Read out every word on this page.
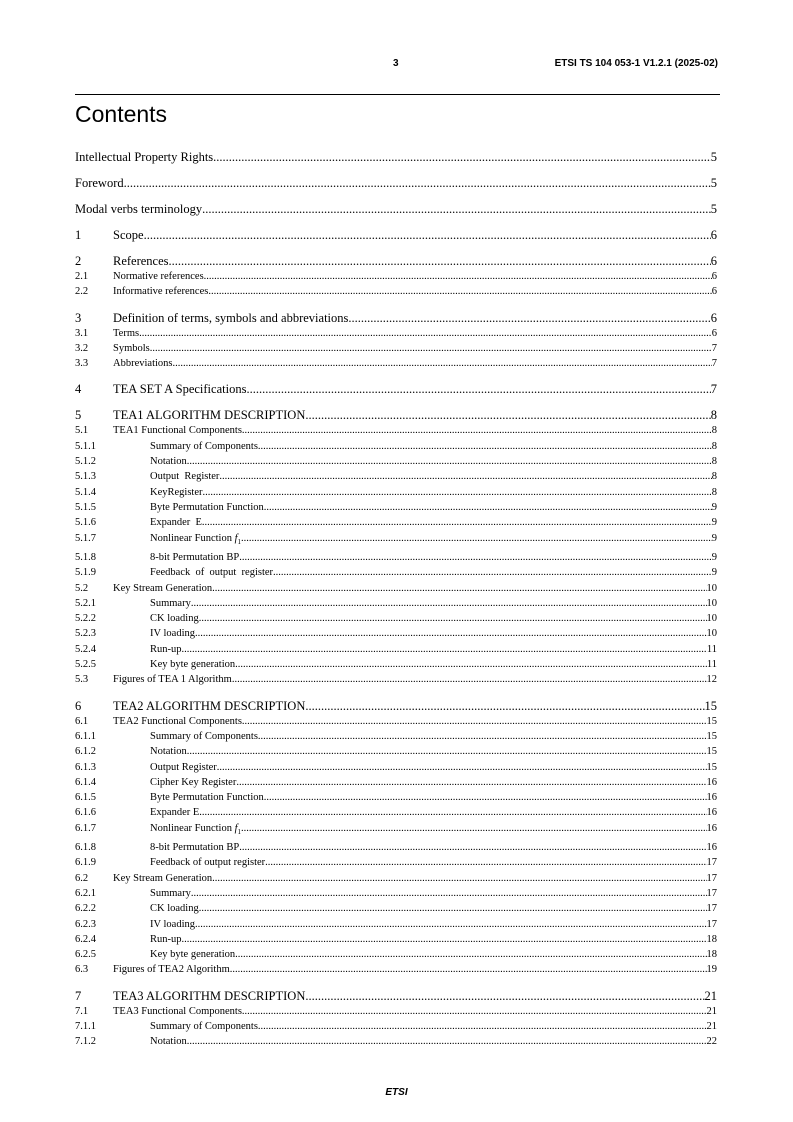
3	ETSI TS 104 053-1 V1.2.1 (2025-02)
Contents
Intellectual Property Rights .....	5
Foreword .....	5
Modal verbs terminology .....	5
1	Scope .....	6
2	References .....	6
2.1 Normative references .....	6
2.2 Informative references .....	6
3	Definition of terms, symbols and abbreviations .....	6
3.1 Terms .....	6
3.2 Symbols .....	7
3.3 Abbreviations .....	7
4	TEA SET A Specifications .....	7
5	TEA1 ALGORITHM DESCRIPTION .....	8
5.1 TEA1 Functional Components .....	8
5.1.1	Summary of Components .....	8
5.1.2	Notation .....	8
5.1.3	Output  Register .....	8
5.1.4	KeyRegister .....	8
5.1.5	Byte Permutation Function .....	9
5.1.6	Expander  E .....	9
5.1.7	Nonlinear Function $f_1$ .....	9
5.1.8	8-bit Permutation BP .....	9
5.1.9	Feedback  of  output  register .....	9
5.2 Key Stream Generation .....	10
5.2.1	Summary .....	10
5.2.2	CK loading .....	10
5.2.3	IV loading .....	10
5.2.4	Run-up .....	11
5.2.5	Key byte generation .....	11
5.3 Figures of TEA 1 Algorithm .....	12
6	TEA2 ALGORITHM DESCRIPTION .....	15
6.1 TEA2 Functional Components .....	15
6.1.1	Summary of Components .....	15
6.1.2	Notation .....	15
6.1.3	Output Register .....	15
6.1.4	Cipher Key Register .....	16
6.1.5	Byte Permutation Function .....	16
6.1.6	Expander E .....	16
6.1.7	Nonlinear Function $f_1$ .....	16
6.1.8	8-bit Permutation BP .....	16
6.1.9	Feedback of output register .....	17
6.2 Key Stream Generation .....	17
6.2.1	Summary .....	17
6.2.2	CK loading .....	17
6.2.3	IV loading .....	17
6.2.4	Run-up .....	18
6.2.5	Key byte generation .....	18
6.3 Figures of TEA2 Algorithm .....	19
7	TEA3 ALGORITHM DESCRIPTION .....	21
7.1 TEA3 Functional Components .....	21
7.1.1	Summary of Components .....	21
7.1.2	Notation .....	22
ETSI
